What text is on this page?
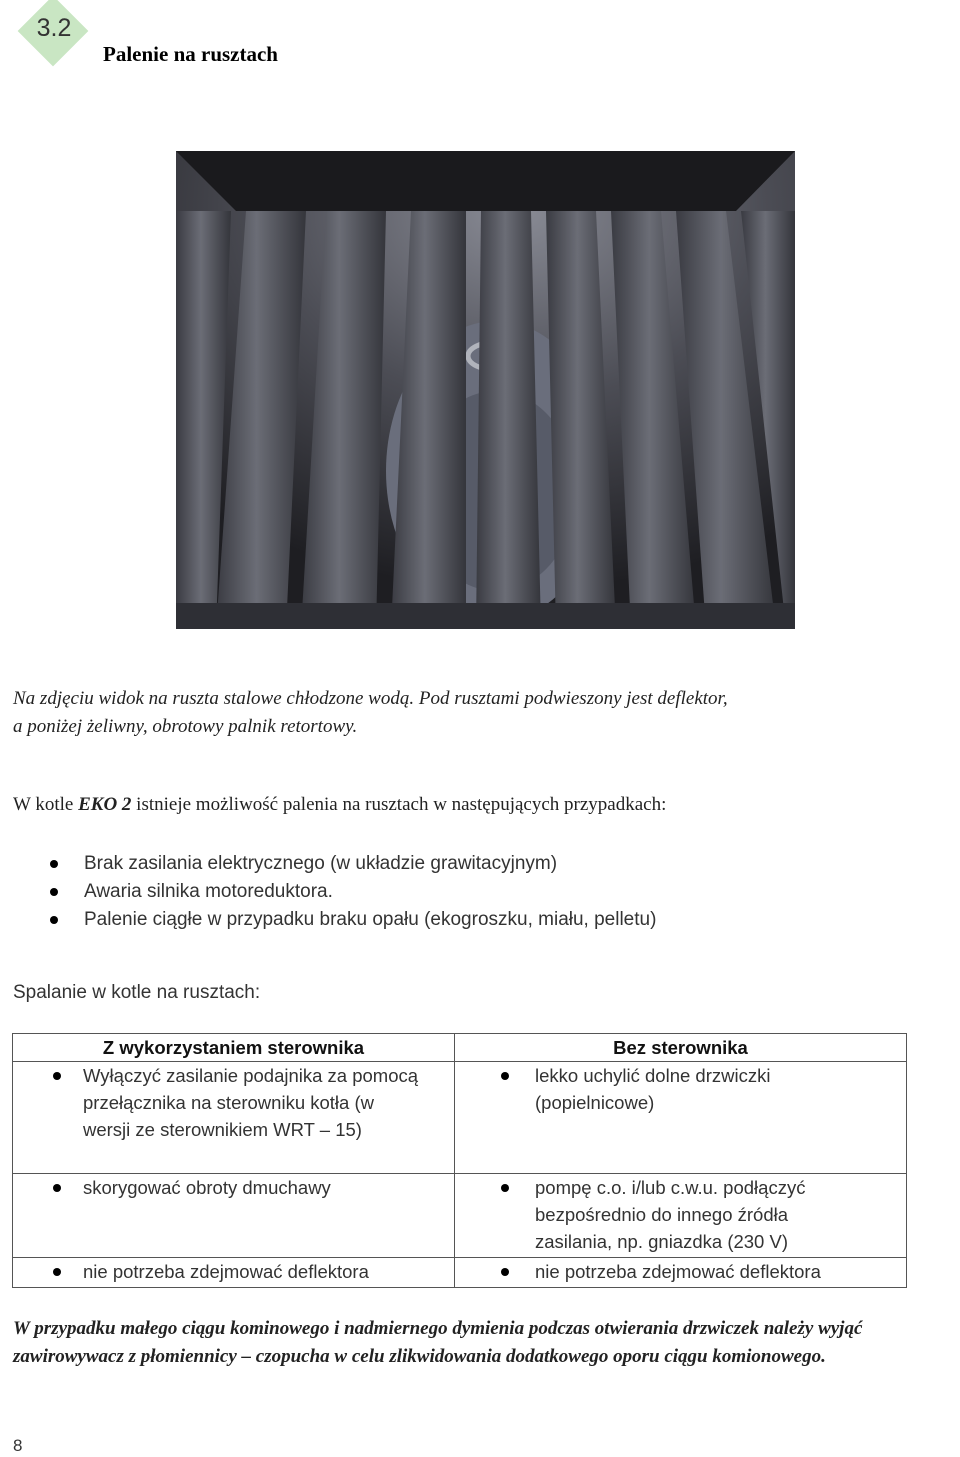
3.2
Palenie na rusztach
Na zdjęciu widok na ruszta stalowe chłodzone wodą. Pod rusztami podwieszony jest deflektor,
a poniżej żeliwny, obrotowy palnik retortowy.
W kotle EKO 2 istnieje możliwość palenia na rusztach w następujących przypadkach:
Brak zasilania elektrycznego (w układzie grawitacyjnym)
Awaria silnika motoreduktora.
Palenie ciągłe w przypadku braku opału (ekogroszku, miału, pelletu)
Spalanie w kotle na rusztach:
Z wykorzystaniem sterownika	Bez sterownika

Wyłączyć zasilanie podajnika za pomocą przełącznika na sterowniku kotła (w wersji ze sterownikiem WRT – 15)	lekko uchylić dolne drzwiczki (popielnicowe)

skorygować obroty dmuchawy	pompę c.o. i/lub c.w.u. podłączyć bezpośrednio do innego źródła zasilania, np. gniazdka (230 V)

nie potrzeba zdejmować deflektora	nie potrzeba zdejmować deflektora
W przypadku małego ciągu kominowego i nadmiernego dymienia podczas otwierania drzwiczek należy wyjąć zawirowywacz z płomiennicy – czopucha w celu zlikwidowania dodatkowego oporu ciągu komionowego.
8
